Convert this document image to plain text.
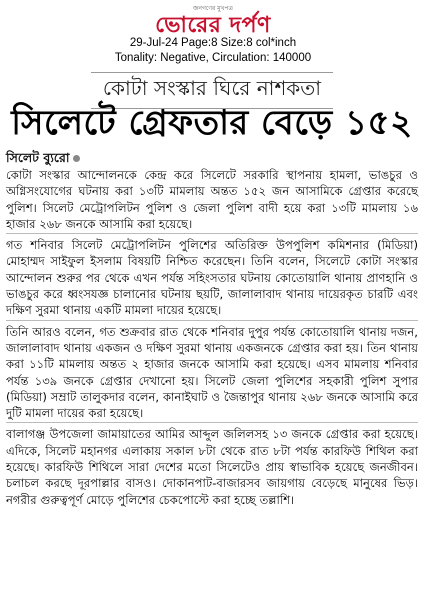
জনগণের মুখপত্র
ভোরের দর্পণ
29-Jul-24 Page:8 Size:8 col*inch
Tonality: Negative, Circulation: 140000
কোটা সংস্কার ঘিরে নাশকতা
সিলেটে গ্রেফতার বেড়ে ১৫২
সিলেট ব্যুরো

কোটা সংস্কার আন্দোলনকে কেন্দ্র করে সিলেটে সরকারি স্থাপনায় হামলা, ভাঙচুর ও অগ্নিসংযোগের ঘটনায় করা ১৩টি মামলায় অন্তত ১৫২ জন আসামিকে গ্রেপ্তার করেছে পুলিশ। সিলেট মেট্রোপলিটন পুলিশ ও জেলা পুলিশ বাদী হয়ে করা ১৩টি মামলায় ১৬ হাজার ২৬৮ জনকে আসামি করা হয়েছে।

গত শনিবার সিলেট মেট্রোপলিটন পুলিশের অতিরিক্ত উপপুলিশ কমিশনার (মিডিয়া) মোহাম্মদ সাইফুল ইসলাম বিষয়টি নিশ্চিত করেছেন। তিনি বলেন, সিলেটে কোটা সংস্কার আন্দোলন শুরুর পর থেকে এখন পর্যন্ত সহিংসতার ঘটনায় কোতোয়ালি থানায় প্রাণহানি ও ভাঙচুর করে ধ্বংসযজ্ঞ চালানোর ঘটনায় ছয়টি, জালালাবাদ থানায় দায়েরকৃত চারটি এবং দক্ষিণ সুরমা থানায় একটি মামলা দায়ের হয়েছে।

তিনি আরও বলেন, গত শুক্রবার রাত থেকে শনিবার দুপুর পর্যন্ত কোতোয়ালি থানায় দজন, জালালাবাদ থানায় একজন ও দক্ষিণ সুরমা থানায় একজনকে গ্রেপ্তার করা হয়। তিন থানায় করা ১১টি মামলায় অন্তত ২ হাজার জনকে আসামি করা হয়েছে। এসব মামলায় শনিবার পর্যন্ত ১৩৯ জনকে গ্রেপ্তার দেখানো হয়। সিলেট জেলা পুলিশের সহকারী পুলিশ সুপার (মিডিয়া) সম্রাট তালুকদার বলেন, কানাইঘাট ও জৈন্তাপুর থানায় ২৬৮ জনকে আসামি করে দুটি মামলা দায়ের করা হয়েছে।

বালাগঞ্জ উপজেলা জামায়াতের আমির আব্দুল জলিলসহ ১৩ জনকে গ্রেপ্তার করা হয়েছে। এদিকে, সিলেট মহানগর এলাকায় সকাল ৮টা থেকে রাত ৮টা পর্যন্ত কারফিউ শিথিল করা হয়েছে। কারফিউ শিথিলে সারা দেশের মতো সিলেটেও প্রায় স্বাভাবিক হয়েছে জনজীবন। চলাচল করছে দূরপাল্লার বাসও। দোকানপাট-বাজারসব জায়গায় বেড়েছে মানুষের ভিড়। নগরীর গুরুত্বপূর্ণ মোড়ে পুলিশের চেকপোস্টে করা হচ্ছে তল্লাশি।
